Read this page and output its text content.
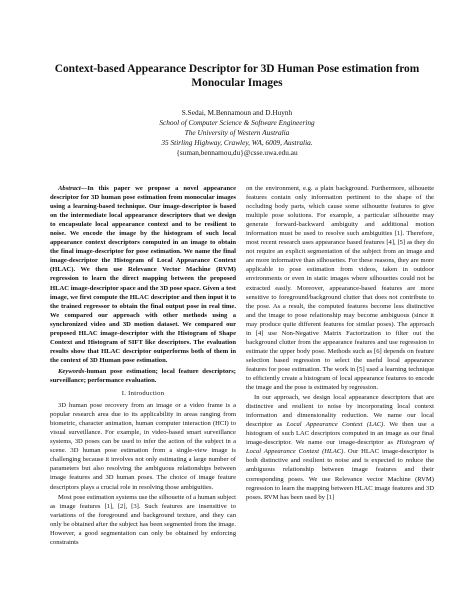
Context-based Appearance Descriptor for 3D Human Pose estimation from Monocular Images
S.Sedai, M.Bennamoun and D.Huynh
School of Computer Science & Software Engineering
The University of Western Australia
35 Stirling Highway, Crawley, WA, 6009, Australia.
{suman,bennamou,du}@csse.uwa.edu.au

Abstract—In this paper we propose a novel appearance descriptor for 3D human pose estimation from monocular images using a learning-based technique. Our image-descriptor is based on the intermediate local appearance descriptors that we design to encapsulate local appearance context and to be resilient to noise. We encode the image by the histogram of such local appearance context descriptors computed in an image to obtain the final image-descriptor for pose estimation. We name the final image-descriptor the Histogram of Local Appearance Context (HLAC). We then use Relevance Vector Machine (RVM) regression to learn the direct mapping between the proposed HLAC image-descriptor space and the 3D pose space. Given a test image, we first compute the HLAC descriptor and then input it to the trained regressor to obtain the final output pose in real time. We compared our approach with other methods using a synchronized video and 3D motion dataset. We compared our proposed HLAC image-descriptor with the Histogram of Shape Context and Histogram of SIFT like descriptors. The evaluation results show that HLAC descriptor outperforms both of them in the context of 3D Human pose estimation.

Keywords-human pose estimation; local feature descriptors; surveillance; performance evaluation.

I. Introduction

3D human pose recovery from an image or a video frame is a popular research area due to its applicability in areas ranging from biometric, character animation, human computer interaction (HCI) to visual surveillance. For example, in video-based smart surveillance systems, 3D poses can be used to infer the action of the subject in a scene. 3D human pose estimation from a single-view image is challenging because it involves not only estimating a large number of parameters but also resolving the ambiguous relationships between image features and 3D human poses. The choice of image feature descriptors plays a crucial role in resolving those ambiguities.

Most pose estimation systems use the silhouette of a human subject as image features [1], [2], [3]. Such features are insensitive to variations of the foreground and background texture, and they can only be obtained after the subject has been segmented from the image. However, a good segmentation can only be obtained by enforcing constraints

on the environment, e.g. a plain background. Furthermore, silhouette features contain only information pertinent to the shape of the occluding body parts, which cause some silhouette features to give multiple pose solutions. For example, a particular silhouette may generate forward-backward ambiguity and additional motion information must be used to resolve such ambiguities [1]. Therefore, most recent research uses appearance based features [4], [5] as they do not require an explicit segmentation of the subject from an image and are more informative than silhouettes. For these reasons, they are more applicable to pose estimation from videos, taken in outdoor environments or even in static images where silhouettes could not be extracted easily. Moreover, appearance-based features are more sensitive to foreground/background clutter that does not contribute to the pose. As a result, the computed features become less distinctive and the image to pose relationship may become ambiguous (since it may produce quite different features for similar poses). The approach in [4] use Non-Negative Matrix Factorization to filter out the background clutter from the appearance features and use regression to estimate the upper body pose. Methods such as [6] depends on feature selection based regression to select the useful local appearance features for pose estimation. The work in [5] used a learning technique to efficiently create a histogram of local appearance features to encode the image and the pose is estimated by regression.

In our approach, we design local appearance descriptors that are distinctive and resilient to noise by incorporating local context information and dimensionality reduction. We name our local descriptor as Local Appearance Context (LAC). We then use a histogram of such LAC descriptors computed in an image as our final image-descriptor. We name our image-descriptor as Histogram of Local Appearance Context (HLAC). Our HLAC image-descriptor is both distinctive and resilient to noise and is expected to reduce the ambiguous relationship between image features and their corresponding poses. We use Relevance vector Machine (RVM) regression to learn the mapping between HLAC image features and 3D poses. RVM has been used by [1]
